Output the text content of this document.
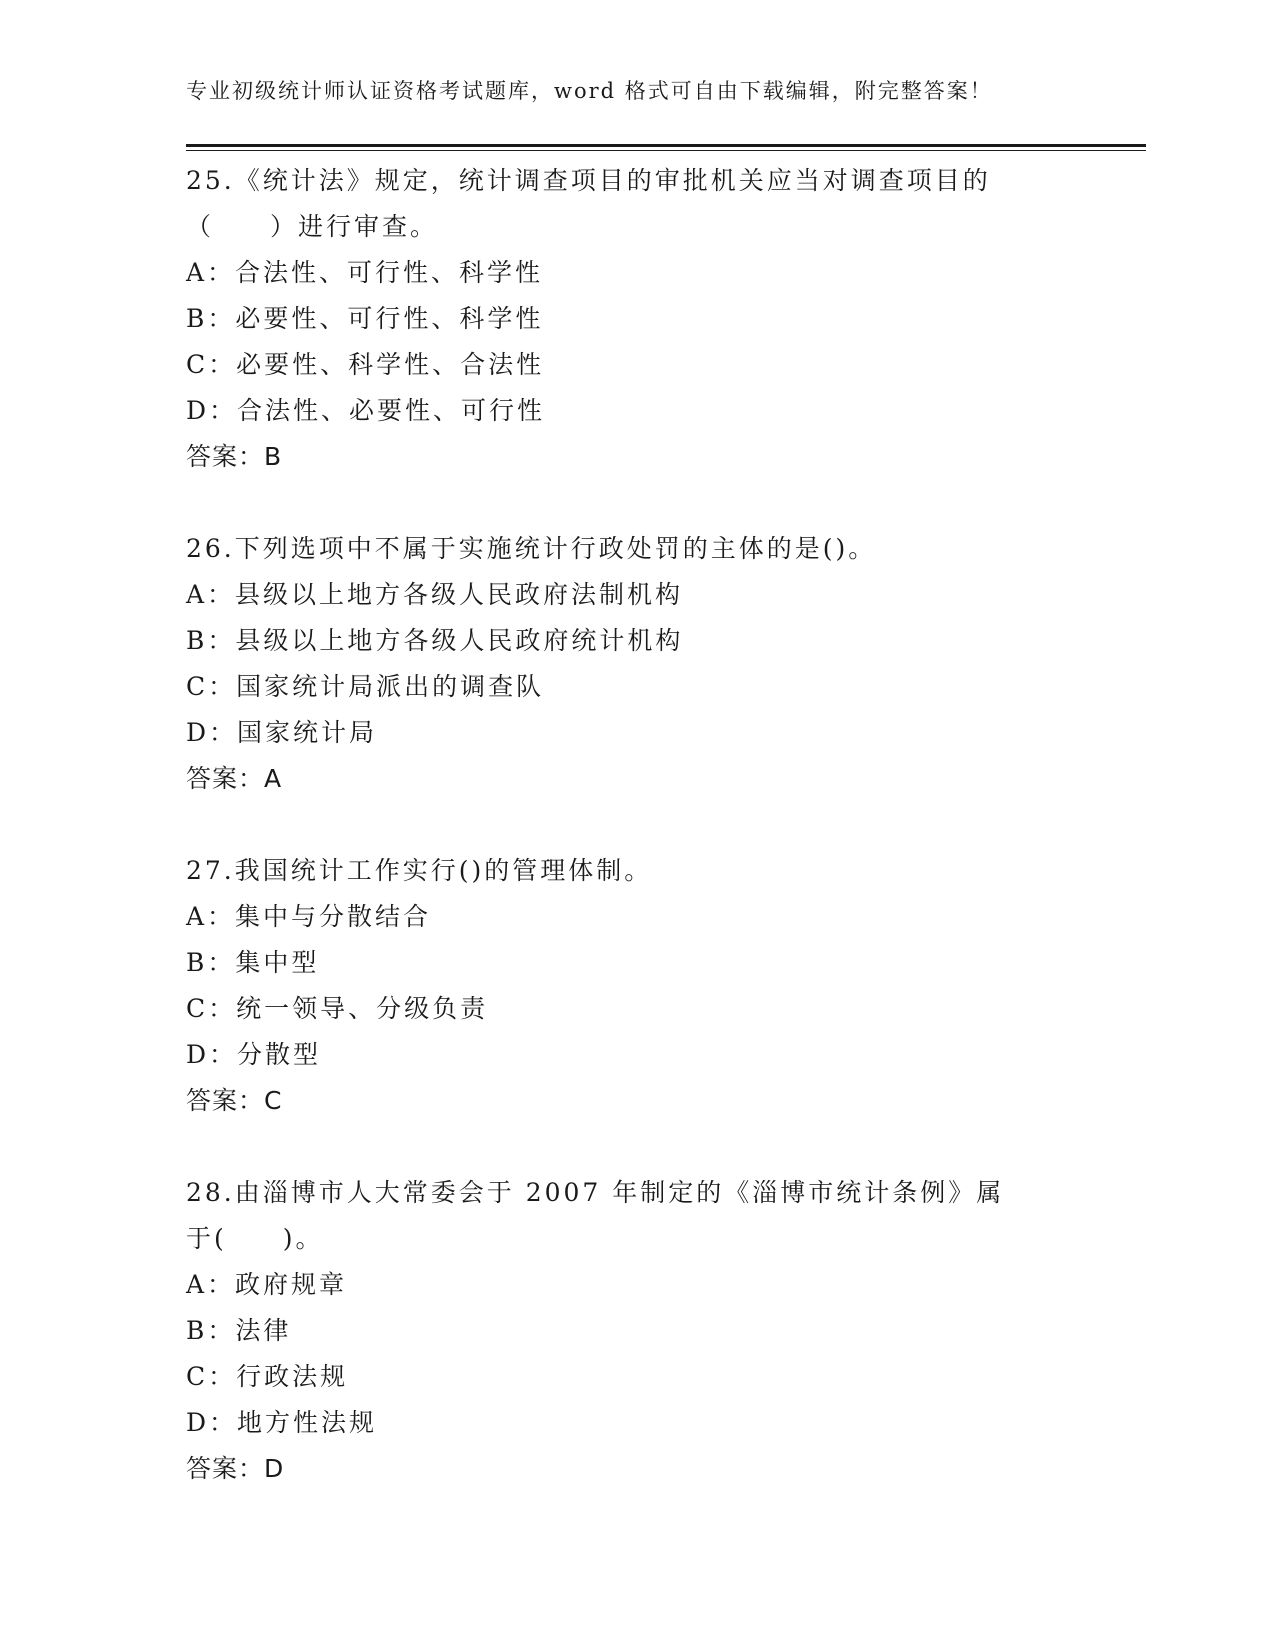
专业初级统计师认证资格考试题库，word 格式可自由下载编辑，附完整答案！

25.《统计法》规定，统计调查项目的审批机关应当对调查项目的（　　）进行审查。

A：合法性、可行性、科学性

B：必要性、可行性、科学性

C：必要性、科学性、合法性

D：合法性、必要性、可行性

答案：B

26.下列选项中不属于实施统计行政处罚的主体的是()。

A：县级以上地方各级人民政府法制机构

B：县级以上地方各级人民政府统计机构

C：国家统计局派出的调查队

D：国家统计局

答案：A

27.我国统计工作实行()的管理体制。

A：集中与分散结合

B：集中型

C：统一领导、分级负责

D：分散型

答案：C

28.由淄博市人大常委会于 2007 年制定的《淄博市统计条例》属于(　　)。

A：政府规章

B：法律

C：行政法规

D：地方性法规

答案：D
